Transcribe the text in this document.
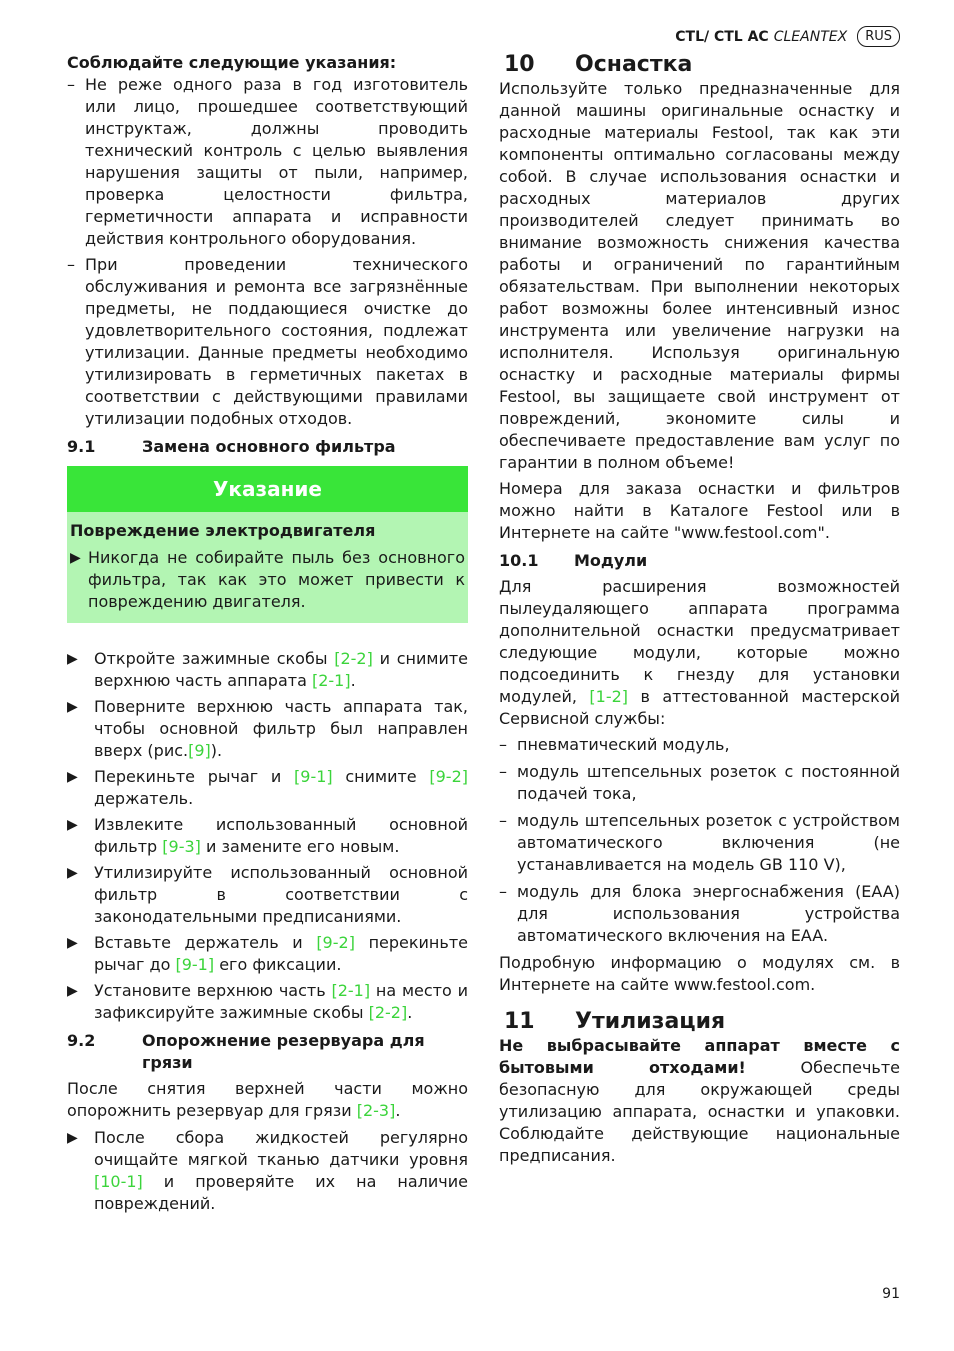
CTL/ CTL AC CLEANTEX	RUS

Соблюдайте следующие указания:

– Не реже одного раза в год изготовитель или лицо, прошедшее соответствующий инструктаж, должны проводить технический контроль с целью выявления нарушения защиты от пыли, например, проверка целостности фильтра, герметичности аппарата и исправности действия контрольного оборудования.
– При проведении технического обслуживания и ремонта все загрязнённые предметы, не поддающиеся очистке до удовлетворительного состояния, подлежат утилизации. Данные предметы необходимо утилизировать в герметичных пакетах в соответствии с действующими правилами утилизации подобных отходов.
9.1	Замена основного фильтра
Указание

Повреждение электродвигателя

▶ Никогда не собирайте пыль без основного фильтра, так как это может привести к повреждению двигателя.
▶ Откройте зажимные скобы [2-2] и снимите верхнюю часть аппарата [2-1].
▶ Поверните верхнюю часть аппарата так, чтобы основной фильтр был направлен вверх (рис.[9]).
▶ Перекиньте рычаг и [9-1] снимите [9-2] держатель.
▶ Извлеките использованный основной фильтр [9-3] и замените его новым.
▶ Утилизируйте использованный основной фильтр в соответствии с законодательными предписаниями.
▶ Вставьте держатель и [9-2] перекиньте рычаг до [9-1] его фиксации.
▶ Установите верхнюю часть [2-1] на место и зафиксируйте зажимные скобы [2-2].
9.2	Опорожнение резервуара для грязи

После снятия верхней части можно опорожнить резервуар для грязи [2-3].

▶ После сбора жидкостей регулярно очищайте мягкой тканью датчики уровня [10-1] и проверяйте их на наличие повреждений.
10	Оснастка

Используйте только предназначенные для данной машины оригинальные оснастку и расходные материалы Festool, так как эти компоненты оптимально согласованы между собой. В случае использования оснастки и расходных материалов других производителей следует принимать во внимание возможность снижения качества работы и ограничений по гарантийным обязательствам. При выполнении некоторых работ возможны более интенсивный износ инструмента или увеличение нагрузки на исполнителя. Используя оригинальную оснастку и расходные материалы фирмы Festool, вы защищаете свой инструмент от повреждений, экономите силы и обеспечиваете предоставление вам услуг по гарантии в полном объеме!

Номера для заказа оснастки и фильтров можно найти в Каталоге Festool или в Интернете на сайте "www.festool.com".

10.1	Модули

Для расширения возможностей пылеудаляющего аппарата программа дополнительной оснастки предусматривает следующие модули, которые можно подсоединить к гнезду для установки модулей, [1-2] в аттестованной мастерской Сервисной службы:

– пневматический модуль,
– модуль штепсельных розеток с постоянной подачей тока,
– модуль штепсельных розеток с устройством автоматического включения (не устанавливается на модель GB 110 V),
– модуль для блока энергоснабжения (EAA) для использования устройства автоматического включения на EAA.

Подробную информацию о модулях см. в Интернете на сайте www.festool.com.

11	Утилизация

Не выбрасывайте аппарат вместе с бытовыми отходами! Обеспечьте безопасную для окружающей среды утилизацию аппарата, оснастки и упаковки. Соблюдайте действующие национальные предписания.

91
